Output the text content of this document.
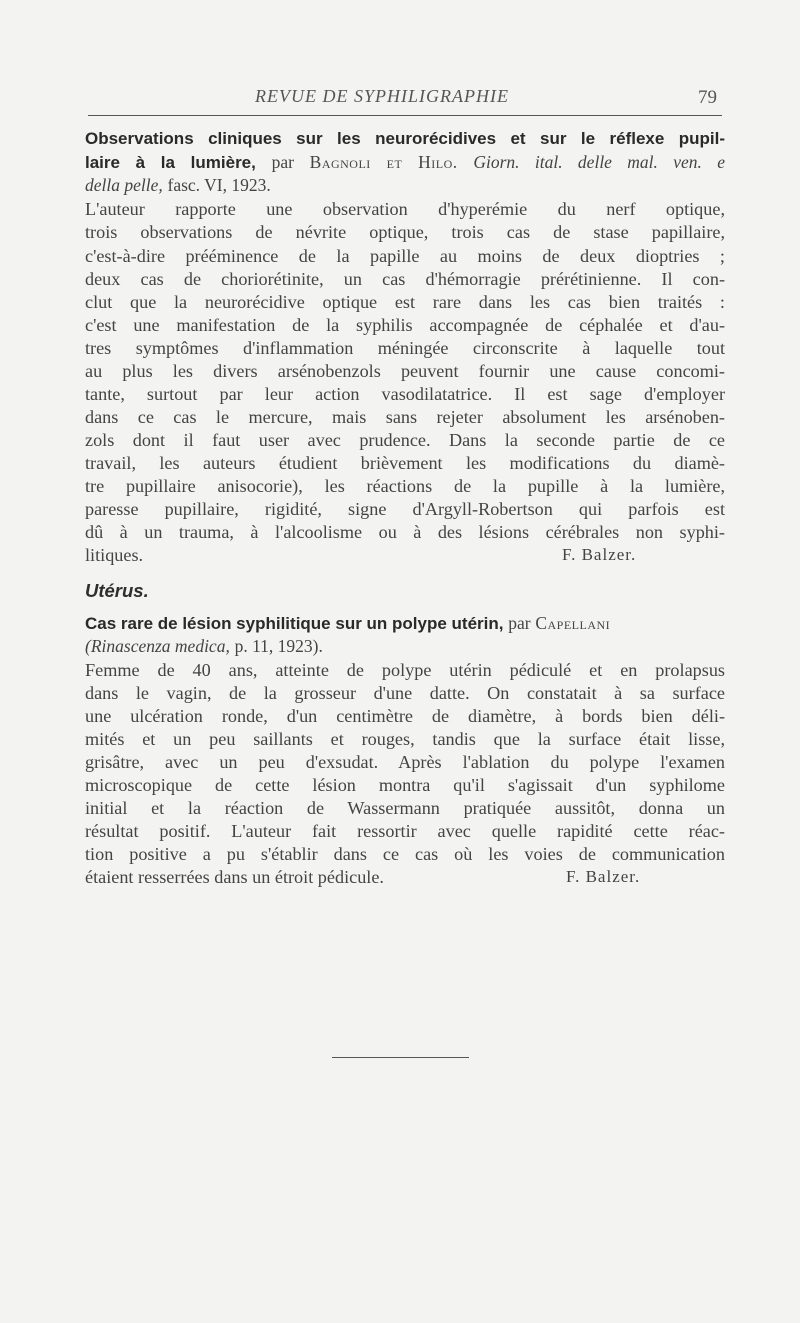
REVUE DE SYPHILIGRAPHIE	79
Observations cliniques sur les neurorécidives et sur le réflexe pupil-
laire à la lumière, par Bagnoli et Hilo. Giorn. ital. delle mal. ven. e
della pelle, fasc. VI, 1923.
L'auteur rapporte une observation d'hyperémie du nerf optique,
trois observations de névrite optique, trois cas de stase papillaire,
c'est-à-dire prééminence de la papille au moins de deux dioptries ;
deux cas de choriorétinite, un cas d'hémorragie prérétinienne. Il con-
clut que la neurorécidive optique est rare dans les cas bien traités :
c'est une manifestation de la syphilis accompagnée de céphalée et d'au-
tres symptômes d'inflammation méningée circonscrite à laquelle tout
au plus les divers arsénobenzols peuvent fournir une cause concomi-
tante, surtout par leur action vasodilatatrice. Il est sage d'employer
dans ce cas le mercure, mais sans rejeter absolument les arsénoben-
zols dont il faut user avec prudence. Dans la seconde partie de ce
travail, les auteurs étudient brièvement les modifications du diamè-
tre pupillaire anisocorie), les réactions de la pupille à la lumière,
paresse pupillaire, rigidité, signe d'Argyll-Robertson qui parfois est
dû à un trauma, à l'alcoolisme ou à des lésions cérébrales non syphi-
litiques.	F. Balzer.
Utérus.
Cas rare de lésion syphilitique sur un polype utérin, par Capellani
(Rinascenza medica, p. 11, 1923).
Femme de 40 ans, atteinte de polype utérin pédiculé et en prolapsus
dans le vagin, de la grosseur d'une datte. On constatait à sa surface
une ulcération ronde, d'un centimètre de diamètre, à bords bien déli-
mités et un peu saillants et rouges, tandis que la surface était lisse,
grisâtre, avec un peu d'exsudat. Après l'ablation du polype l'examen
microscopique de cette lésion montra qu'il s'agissait d'un syphilome
initial et la réaction de Wassermann pratiquée aussitôt, donna un
résultat positif. L'auteur fait ressortir avec quelle rapidité cette réac-
tion positive a pu s'établir dans ce cas où les voies de communication
étaient resserrées dans un étroit pédicule.	F. Balzer.
